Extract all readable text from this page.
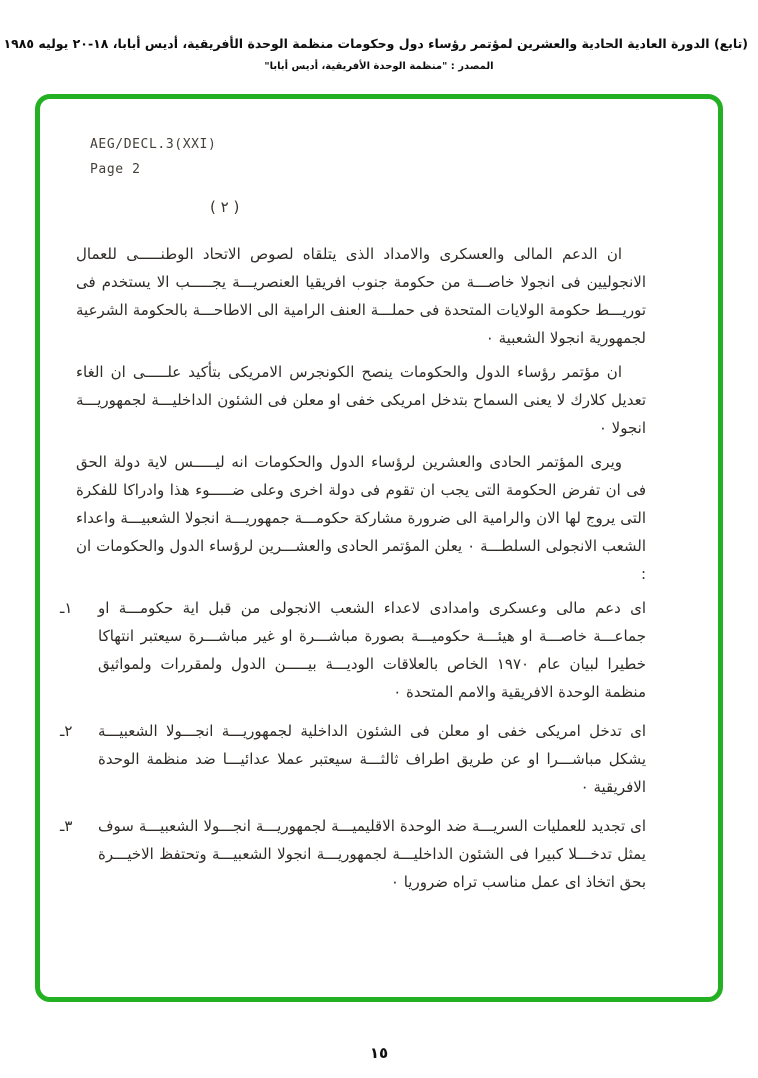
(تابع) الدورة العادية الحادية والعشرين لمؤتمر رؤساء دول وحكومات منظمة الوحدة الأفريقية، أديس أبابا، ١٨-٢٠ يوليه ١٩٨٥
المصدر : "منظمة الوحدة الأفريقية، أديس أبابا"
AEG/DECL.3(XXI)
Page 2
( ٢ )

ان الدعم المالى والعسكرى والامداد الذى يتلقاه لصوص الاتحاد الوطنـــــى للعمال الانجوليين فى انجولا خاصـــة من حكومة جنوب افريقيا العنصريـــة يجـــــب الا يستخدم فى توريـــط حكومة الولايات المتحدة فى حملـــة العنف الرامية الى الاطاحـــة بالحكومة الشرعية لجمهورية انجولا الشعبية ٠

ان مؤتمر رؤساء الدول والحكومات ينصح الكونجرس الامريكى بتأكيد علـــــى ان الغاء تعديل كلارك لا يعنى السماح بتدخل امريكى خفى او معلن فى الشئون الداخليـــة لجمهوريـــة انجولا ٠

ويرى المؤتمر الحادى والعشرين لرؤساء الدول والحكومات انه ليـــــس لاية دولة الحق فى ان تفرض الحكومة التى يجب ان تقوم فى دولة اخرى وعلى ضـــــوء هذا وادراكا للفكرة التى يروج لها الان والرامية الى ضرورة مشاركة حكومـــة جمهوريـــة انجولا الشعبيـــة واعداء الشعب الانجولى السلطـــة ٠ يعلن المؤتمر الحادى والعشـــرين لرؤساء الدول والحكومات ان :

١ـ اى دعم مالى وعسكرى وامدادى لاعداء الشعب الانجولى من قبل اية حكومـــة او جماعـــة خاصـــة او هيئـــة حكوميـــة بصورة مباشـــرة او غير مباشـــرة سيعتبر انتهاكا خطيرا لبيان عام ١٩٧٠ الخاص بالعلاقات الوديـــة بيـــــن الدول ولمقررات ولمواثيق منظمة الوحدة الافريقية والامم المتحدة ٠
٢ـ اى تدخل امريكى خفى او معلن فى الشئون الداخلية لجمهوريـــة انجـــولا الشعبيـــة يشكل مباشـــرا او عن طريق اطراف ثالثـــة سيعتبر عملا عدائيـــا ضد منظمة الوحدة الافريقية ٠
٣ـ اى تجديد للعمليات السريـــة ضد الوحدة الاقليميـــة لجمهوريـــة انجـــولا الشعبيـــة سوف يمثل تدخـــلا كبيرا فى الشئون الداخليـــة لجمهوريـــة انجولا الشعبيـــة وتحتفظ الاخيـــرة بحق اتخاذ اى عمل مناسب تراه ضروريا ٠
١٥
